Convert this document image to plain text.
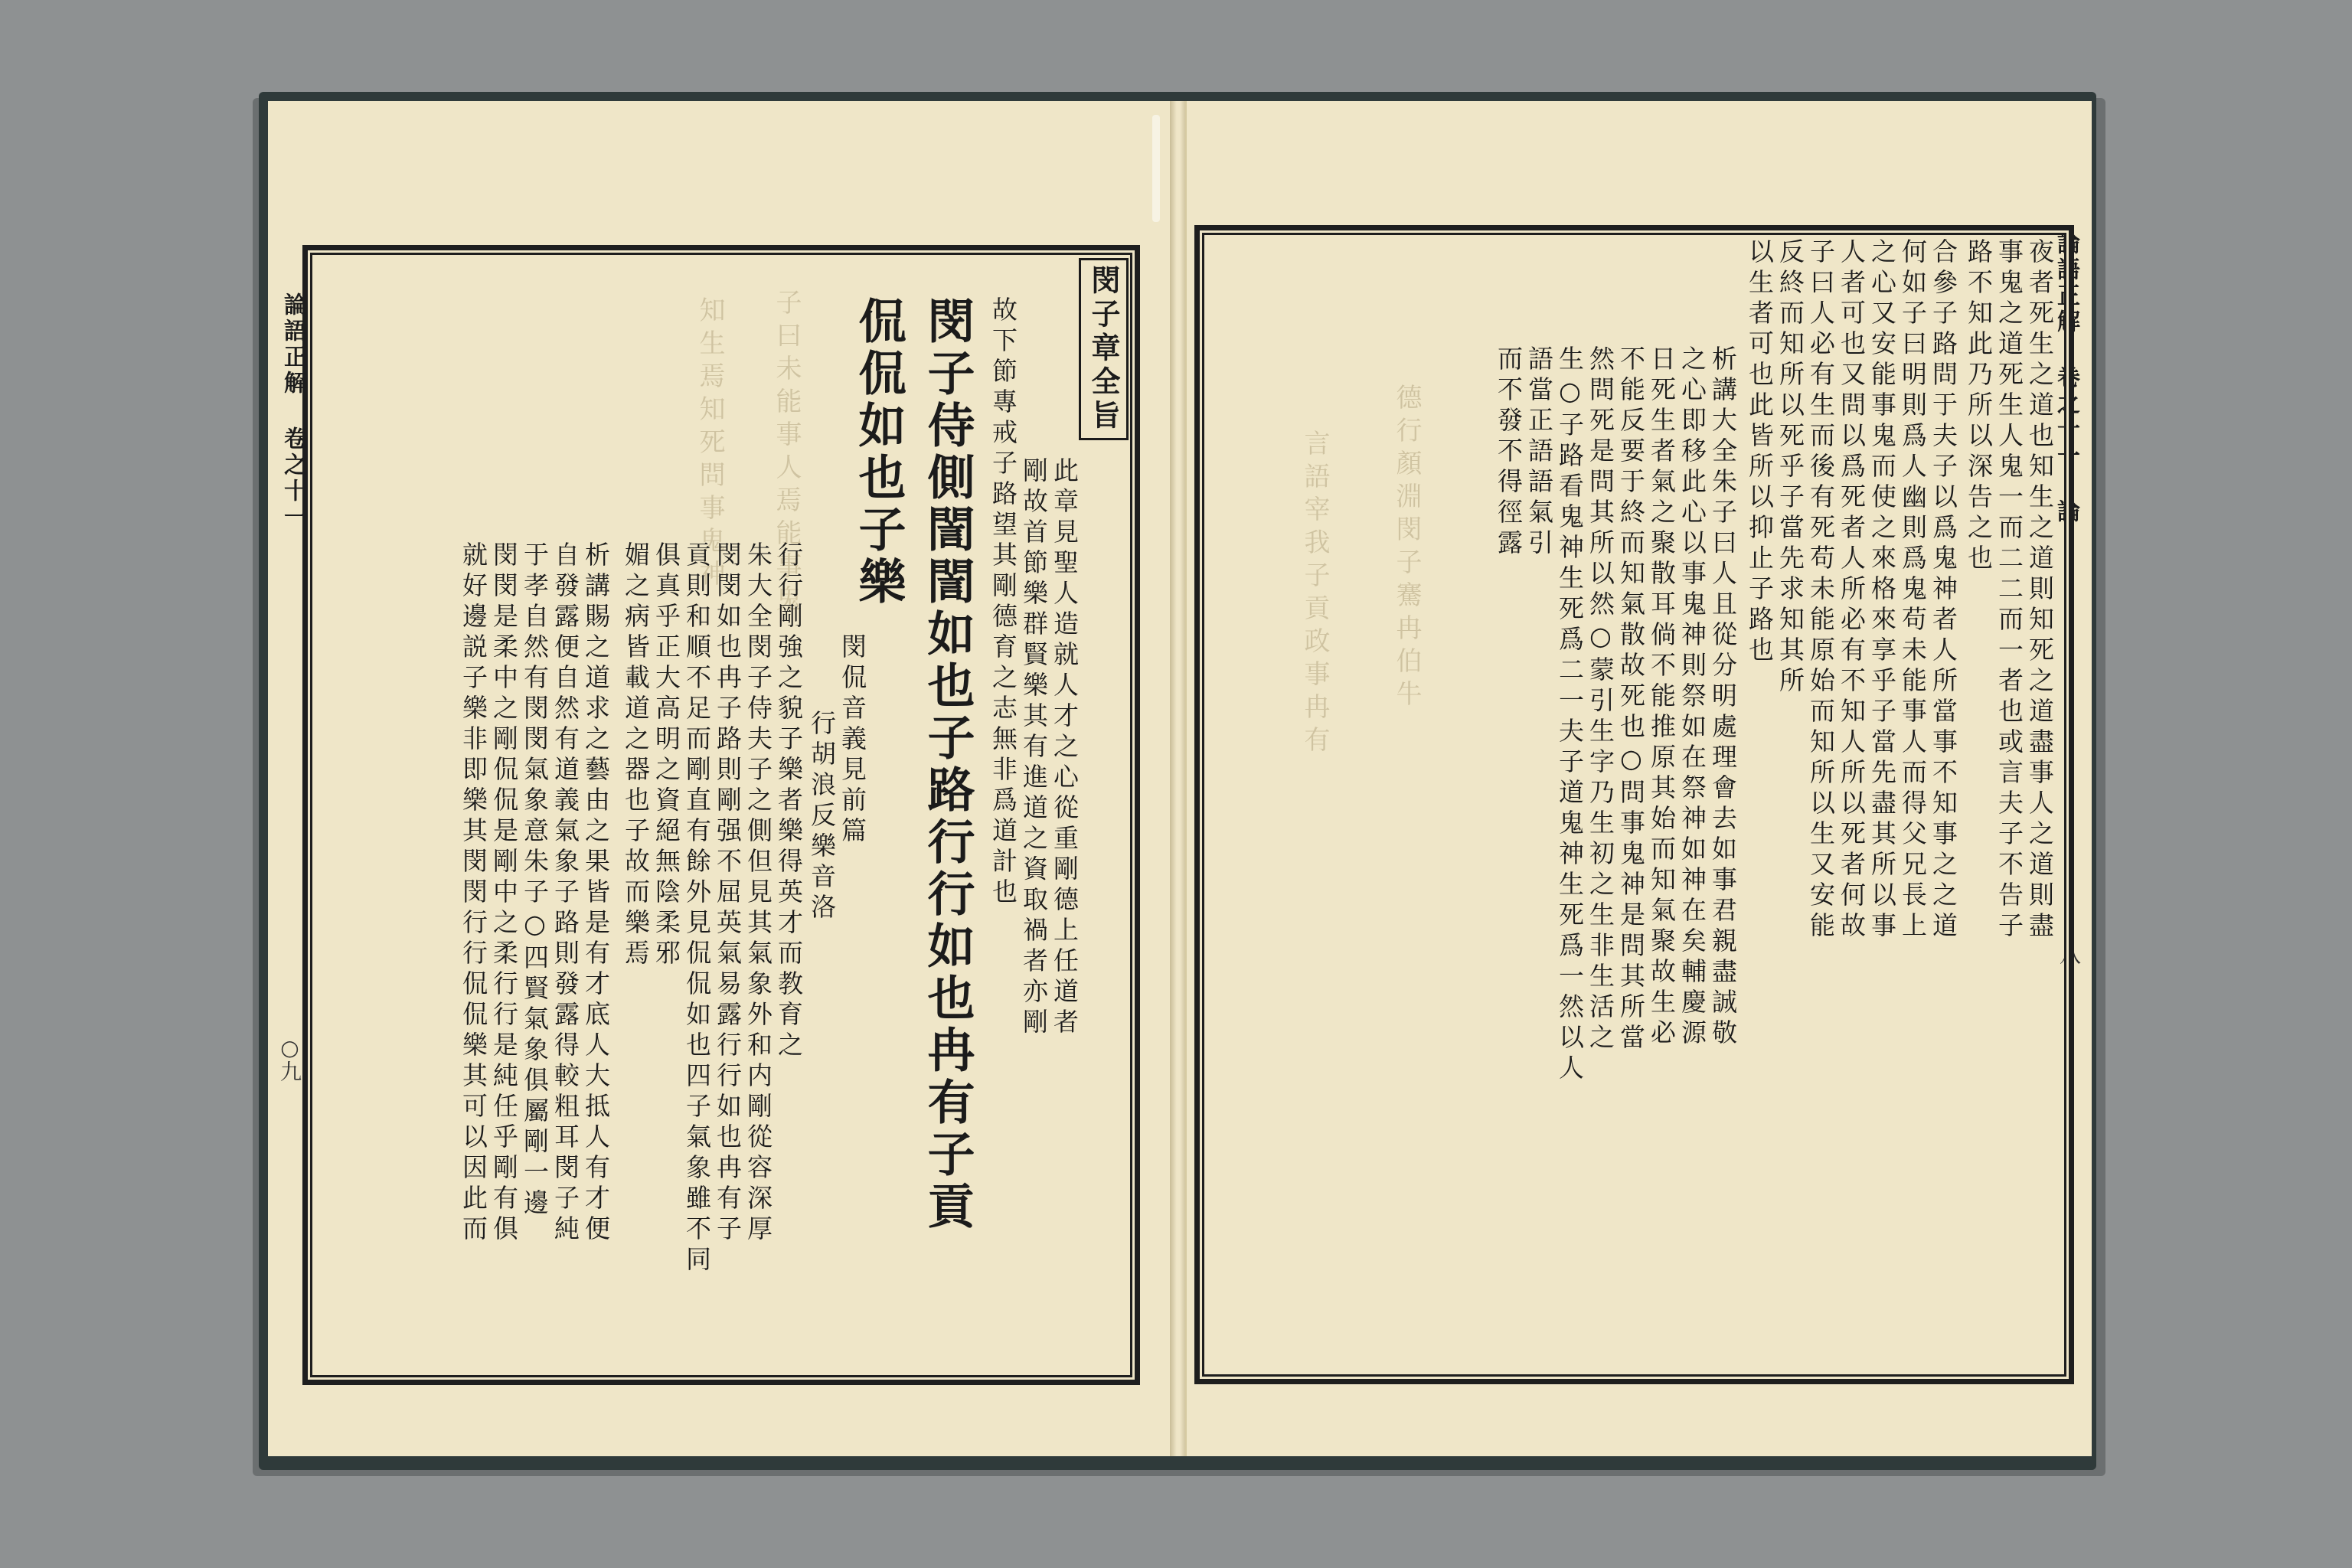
論語正解 卷之十一
○九
子曰未能事人焉能事鬼
知生焉知死問事鬼神	閔子章全旨
此章見聖人造就人才之心從重剛德上任道者
剛故首節樂群賢樂其有進道之資取禍者亦剛
故下節專戒子路望其剛德育之志無非爲道計也
閔子侍側誾誾如也子路行行如也冉有子貢
侃侃如也子樂
閔侃音義見前篇
行胡浪反樂音洛
行行剛強之貌子樂者樂得英才而教育之
朱大全閔子侍夫子之側但見其氣象外和内剛從容深厚
閔閔如也冉子路則剛强不屈英氣易露行行如也冉有子
貢則和順不足而剛直有餘外見侃侃如也四子氣象雖不同
俱真乎正大高明之資絕無陰柔邪
媚之病皆載道之器也子故而樂焉
析講賜之道求之藝由之果皆是有才底人大抵人有才便
自發露便自然有道義氣象子路則發露得較粗耳閔子純
于孝自然有閔閔氣象意朱子○四賢氣象俱屬剛一邊
閔閔是柔中之剛侃侃是剛中之柔行行是純任乎剛有俱
就好邊説子樂非即樂其閔閔行行侃侃樂其可以因此而
論語正解 卷之十一 論
八
夜者死生之道也知生之道則知死之道盡事人之道則盡
事鬼之道死生人鬼一而二二而一者也或言夫子不告子
路不知此乃所以深告之也
合參子路問于夫子以爲鬼神者人所當事不知事之之道
何如子曰明則爲人幽則爲鬼苟未能事人而得父兄長上
之心又安能事鬼而使之來格來享乎子當先盡其所以事
人者可也又問以爲死者人所必有不知人所以死者何故
子曰人必有生而後有死苟未能原始而知所以生又安能
反終而知所以死乎子當先求知其所
以生者可也此皆所以抑止子路也
析講大全朱子曰人且從分明處理會去如事君親盡誠敬
之心即移此心以事鬼神則祭如在祭神如神在矣輔慶源
日死生者氣之聚散耳倘不能推原其始而知氣聚故生必
不能反要于終而知氣散故死也○問事鬼神是問其所當
然問死是問其所以然○蒙引生字乃生初之生非生活之
生○子路看鬼神生死爲二一夫子道鬼神生死爲一然以人
語當正語語氣引
而不發不得徑露
德行顏淵閔子騫冉伯牛
言語宰我子貢政事冉有
